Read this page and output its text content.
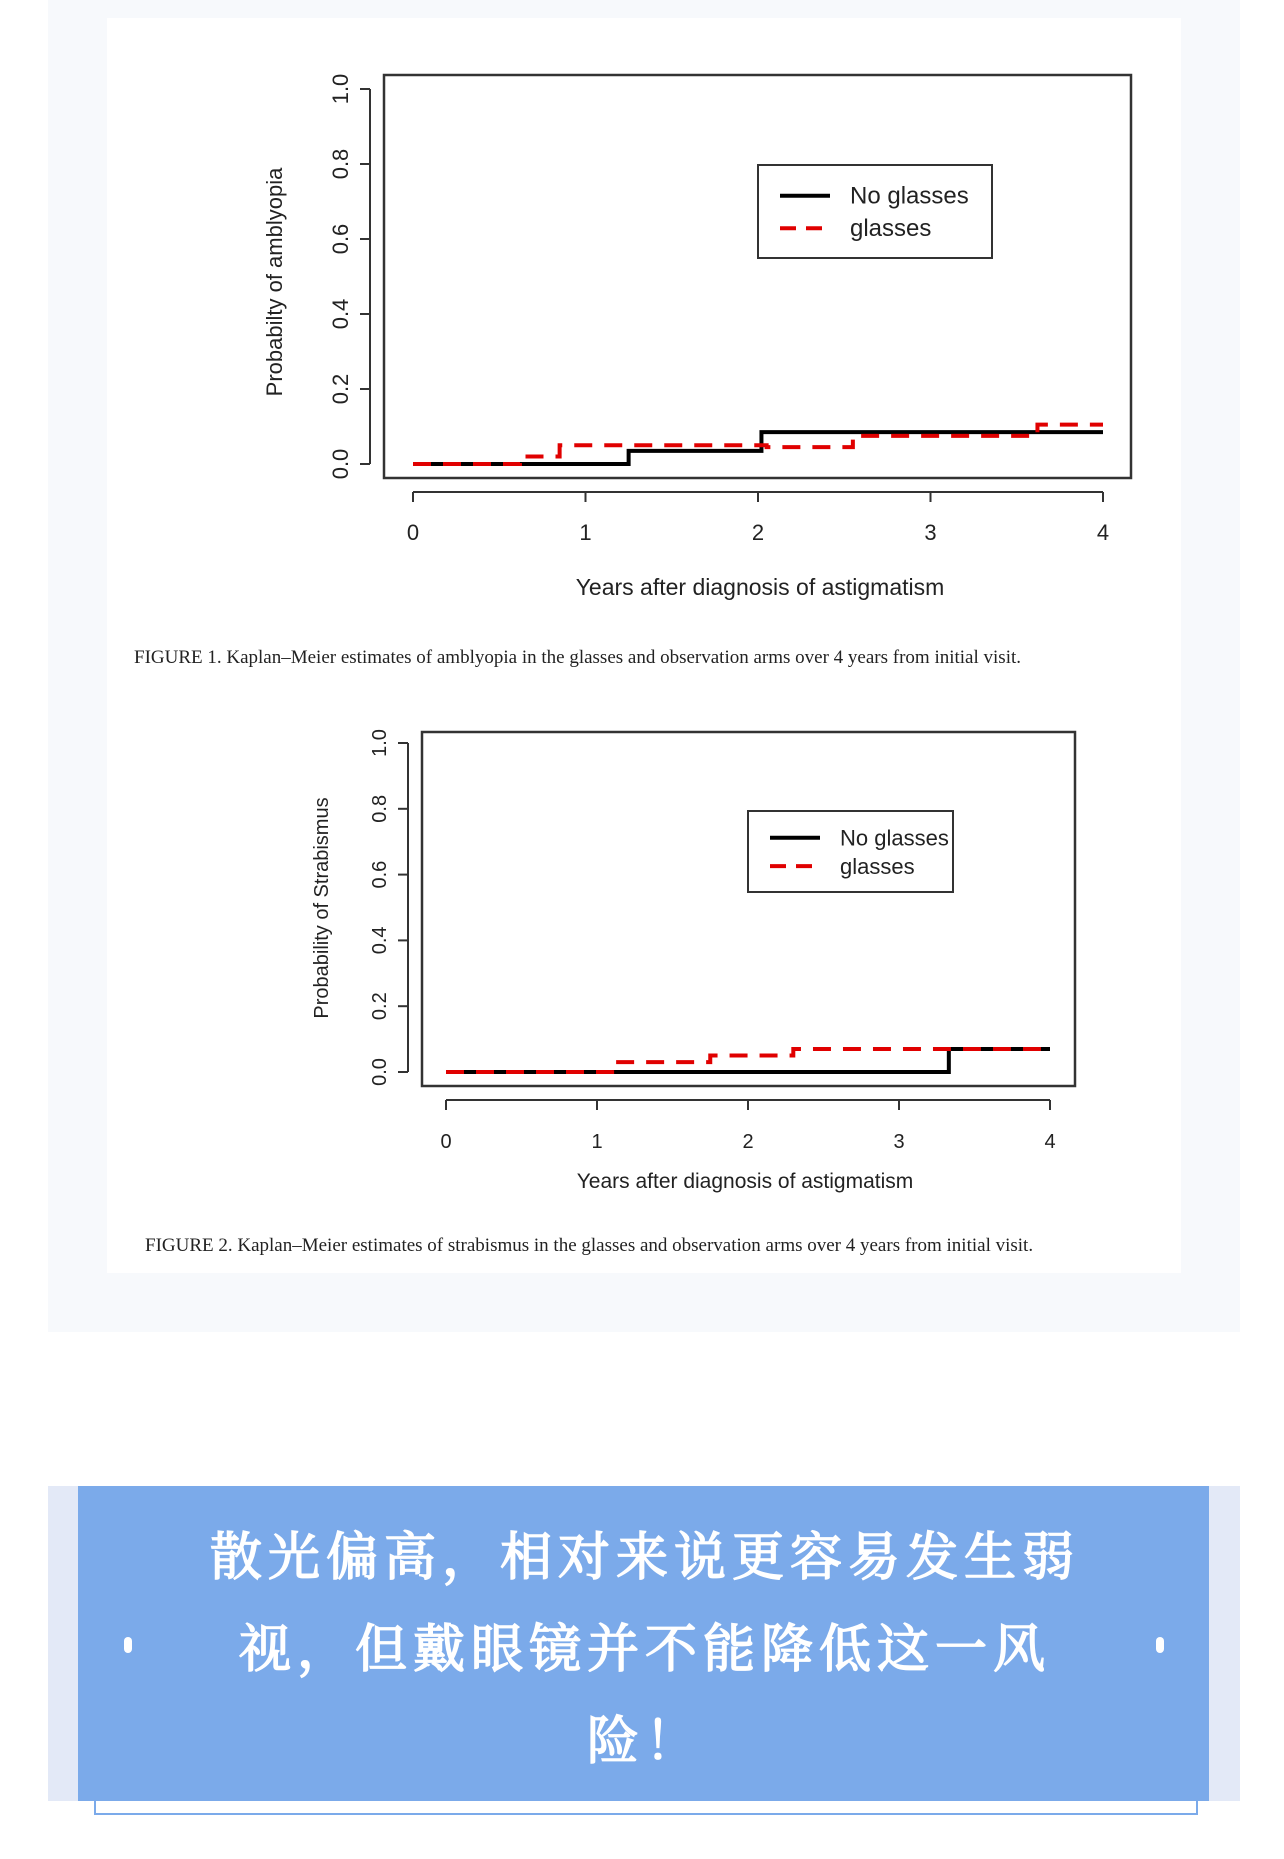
0.0
0.2
0.4
0.6
0.8
1.0
0	1	2	3	4
Years after diagnosis of astigmatism
Probabilty of amblyopia	No glasses
glasses
0.0
0.2
0.4
0.6
0.8
1.0
0	1	2	3	4
Years after diagnosis of astigmatism
Probability of Strabismus	No glasses
glasses
FIGURE 1. Kaplan–Meier estimates of amblyopia in the glasses and observation arms over 4 years from initial visit.
FIGURE 2. Kaplan–Meier estimates of strabismus in the glasses and observation arms over 4 years from initial visit.
散光偏高，相对来说更容易发生弱
视，但戴眼镜并不能降低这一风
险！
